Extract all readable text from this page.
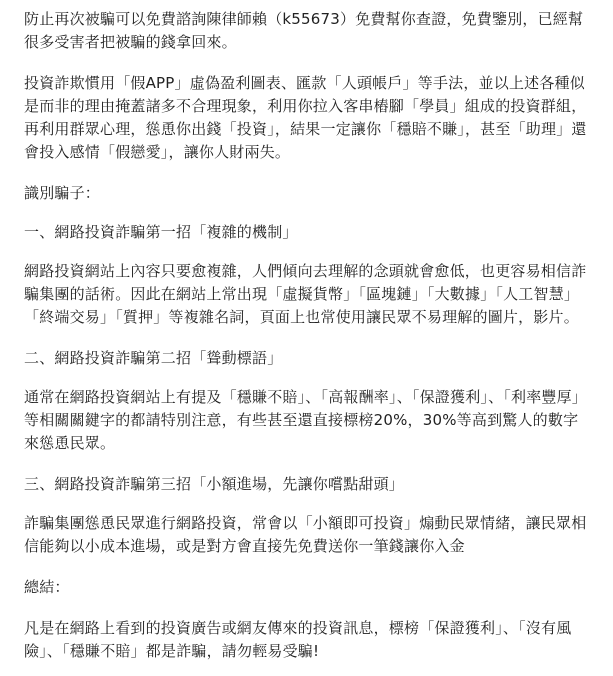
防止再次被騙可以免費諮詢陳律師賴（k55673）免費幫你查證，免費鑒別，已經幫很多受害者把被騙的錢拿回來。

投資詐欺慣用「假APP」虛偽盈利圖表、匯款「人頭帳戶」等手法，並以上述各種似是而非的理由掩蓋諸多不合理現象，利用你拉入客串樁腳「學員」組成的投資群組，再利用群眾心理，慫恿你出錢「投資」，結果一定讓你「穩賠不賺」，甚至「助理」還會投入感情「假戀愛」，讓你人財兩失。

識別騙子：

一、網路投資詐騙第一招「複雜的機制」

網路投資網站上內容只要愈複雜，人們傾向去理解的念頭就會愈低，也更容易相信詐騙集團的話術。因此在網站上常出現「虛擬貨幣」「區塊鏈」「大數據」「人工智慧」「終端交易」「質押」等複雜名詞，頁面上也常使用讓民眾不易理解的圖片，影片。

二、網路投資詐騙第二招「聳動標語」

通常在網路投資網站上有提及「穩賺不賠」、「高報酬率」、「保證獲利」、「利率豐厚」等相關關鍵字的都請特別注意，有些甚至還直接標榜20%，30%等高到驚人的數字來慫恿民眾。

三、網路投資詐騙第三招「小額進場，先讓你嚐點甜頭」

詐騙集團慫恿民眾進行網路投資，常會以「小額即可投資」煽動民眾情緒，讓民眾相信能夠以小成本進場，或是對方會直接先免費送你一筆錢讓你入金

總結：

凡是在網路上看到的投資廣告或網友傳來的投資訊息，標榜「保證獲利」、「沒有風險」、「穩賺不賠」都是詐騙，請勿輕易受騙!
